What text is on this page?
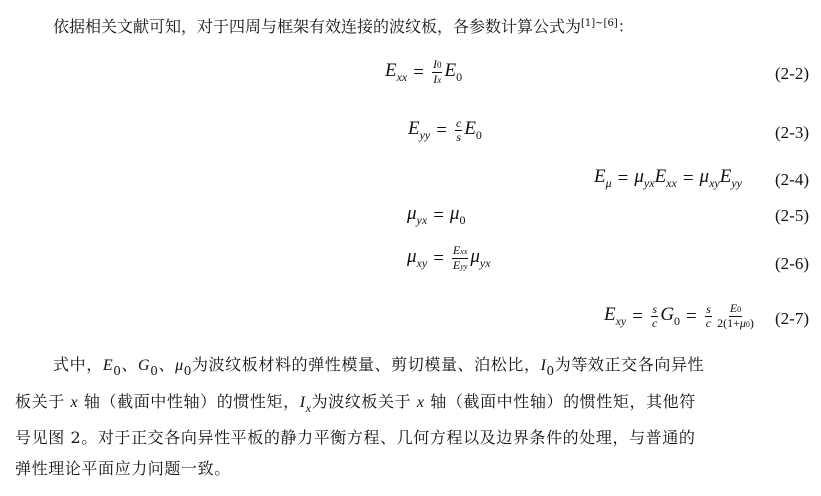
依据相关文献可知，对于四周与框架有效连接的波纹板，各参数计算公式为[1]~[6]：
$E_{xx} = \frac{I0}{Ix} E_0$	(2-2)
$E_{yy} = \frac{c}{s} E_0$	(2-3)
$E_\mu = \mu_{yx}E_{xx} = \mu_{xy}E_{yy}$ (2-4)
$\mu_{yx} = \mu_0$	(2-5)
$\mu_{xy} = \frac{\text{Exx}}{\text{Eyy}} \mu_{yx}$	(2-6)
$E_{xy} = \frac{s}{c} G_0 = \frac{s}{c} \frac{E0}{2(1+\mu 0)} (2-7)$

式中，$E_0$、$G_0$、$\mu_0$为波纹板材料的弹性模量、剪切模量、泊松比，$I_0$为等效正交各向异性

板关于 x 轴（截面中性轴）的惯性矩，$I_x$为波纹板关于 x 轴（截面中性轴）的惯性矩，其他符

号见图 2。对于正交各向异性平板的静力平衡方程、几何方程以及边界条件的处理，与普通的

弹性理论平面应力问题一致。
